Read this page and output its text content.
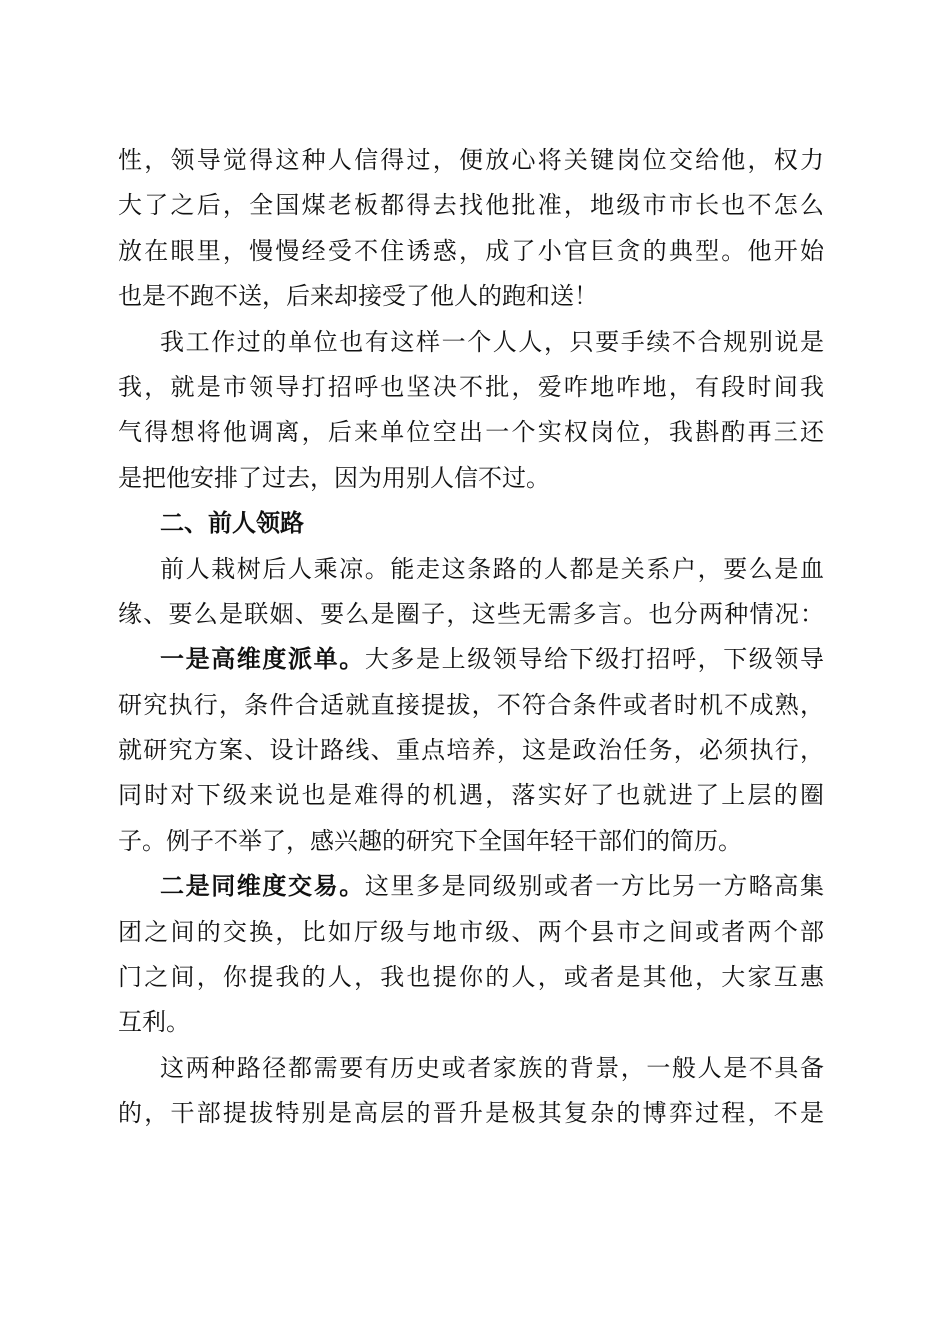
性，领导觉得这种人信得过，便放心将关键岗位交给他，权力
大了之后，全国煤老板都得去找他批准，地级市市长也不怎么
放在眼里，慢慢经受不住诱惑，成了小官巨贪的典型。他开始
也是不跑不送，后来却接受了他人的跑和送！
我工作过的单位也有这样一个人人，只要手续不合规别说是
我，就是市领导打招呼也坚决不批，爱咋地咋地，有段时间我
气得想将他调离，后来单位空出一个实权岗位，我斟酌再三还
是把他安排了过去，因为用别人信不过。
二、前人领路
前人栽树后人乘凉。能走这条路的人都是关系户，要么是血
缘、要么是联姻、要么是圈子，这些无需多言。也分两种情况：
一是高维度派单。大多是上级领导给下级打招呼，下级领导
研究执行，条件合适就直接提拔，不符合条件或者时机不成熟，
就研究方案、设计路线、重点培养，这是政治任务，必须执行，
同时对下级来说也是难得的机遇，落实好了也就进了上层的圈
子。例子不举了，感兴趣的研究下全国年轻干部们的简历。
二是同维度交易。这里多是同级别或者一方比另一方略高集
团之间的交换，比如厅级与地市级、两个县市之间或者两个部
门之间，你提我的人，我也提你的人，或者是其他，大家互惠
互利。
这两种路径都需要有历史或者家族的背景，一般人是不具备
的，干部提拔特别是高层的晋升是极其复杂的博弈过程，不是
